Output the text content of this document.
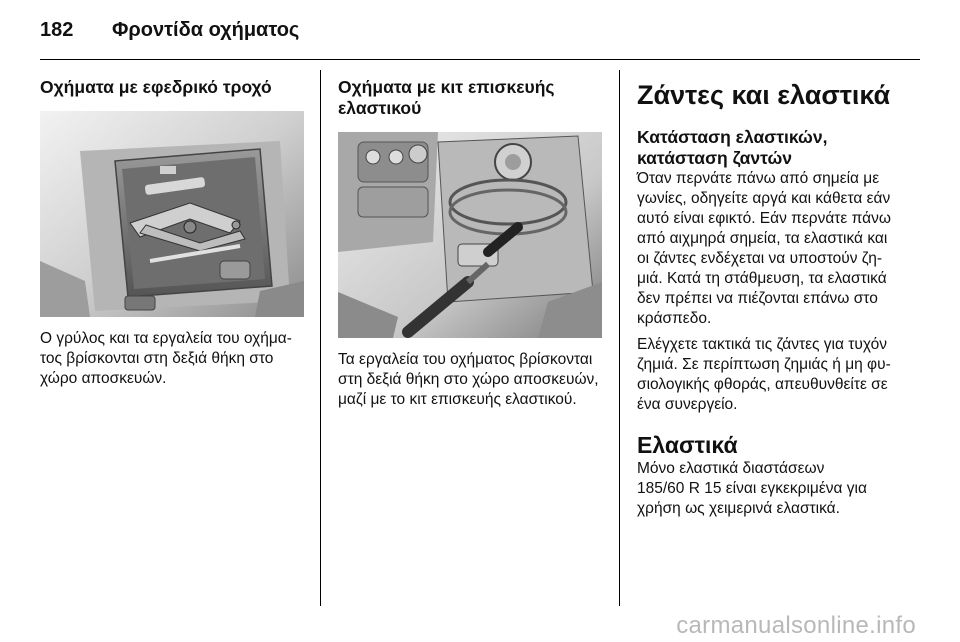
182 Φροντίδα οχήματος
Οχήματα με εφεδρικό τροχό
Ο γρύλος και τα εργαλεία του οχήμα-
τος βρίσκονται στη δεξιά θήκη στο
χώρο αποσκευών.
Οχήματα με κιτ επισκευής
ελαστικού
Τα εργαλεία του οχήματος βρίσκονται
στη δεξιά θήκη στο χώρο αποσκευών,
μαζί με το κιτ επισκευής ελαστικού.
Ζάντες και ελαστικά
Κατάσταση ελαστικών,
κατάσταση ζαντών
Όταν περνάτε πάνω από σημεία με
γωνίες, οδηγείτε αργά και κάθετα εάν
αυτό είναι εφικτό. Εάν περνάτε πάνω
από αιχμηρά σημεία, τα ελαστικά και
οι ζάντες ενδέχεται να υποστούν ζη-
μιά. Κατά τη στάθμευση, τα ελαστικά
δεν πρέπει να πιέζονται επάνω στο
κράσπεδο.
Ελέγχετε τακτικά τις ζάντες για τυχόν
ζημιά. Σε περίπτωση ζημιάς ή μη φυ-
σιολογικής φθοράς, απευθυνθείτε σε
ένα συνεργείο.
Ελαστικά
Μόνο ελαστικά διαστάσεων
185/60 R 15 είναι εγκεκριμένα για
χρήση ως χειμερινά ελαστικά.
carmanualsonline.info
